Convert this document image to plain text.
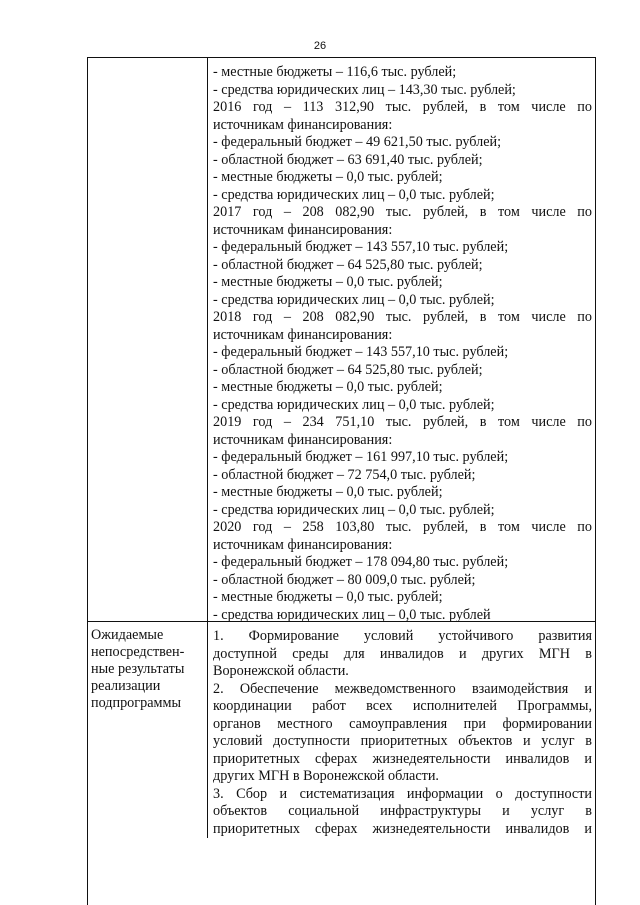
26
- местные бюджеты – 116,6 тыс. рублей;
- средства юридических лиц – 143,30 тыс. рублей;
2016 год – 113 312,90 тыс. рублей, в том числе по
источникам финансирования:
- федеральный бюджет – 49 621,50 тыс. рублей;
- областной бюджет – 63 691,40 тыс. рублей;
- местные бюджеты – 0,0 тыс. рублей;
- средства юридических лиц – 0,0 тыс. рублей;
2017 год – 208 082,90 тыс. рублей, в том числе по
источникам финансирования:
- федеральный бюджет – 143 557,10 тыс. рублей;
- областной бюджет – 64 525,80 тыс. рублей;
- местные бюджеты – 0,0 тыс. рублей;
- средства юридических лиц – 0,0 тыс. рублей;
2018 год – 208 082,90 тыс. рублей, в том числе по
источникам финансирования:
- федеральный бюджет – 143 557,10 тыс. рублей;
- областной бюджет – 64 525,80 тыс. рублей;
- местные бюджеты – 0,0 тыс. рублей;
- средства юридических лиц – 0,0 тыс. рублей;
2019 год – 234 751,10 тыс. рублей, в том числе по
источникам финансирования:
- федеральный бюджет – 161 997,10 тыс. рублей;
- областной бюджет – 72 754,0 тыс. рублей;
- местные бюджеты – 0,0 тыс. рублей;
- средства юридических лиц – 0,0 тыс. рублей;
2020 год – 258 103,80 тыс. рублей, в том числе по
источникам финансирования:
- федеральный бюджет – 178 094,80 тыс. рублей;
- областной бюджет – 80 009,0 тыс. рублей;
- местные бюджеты – 0,0 тыс. рублей;
- средства юридических лиц – 0,0 тыс. рублей
Ожидаемые
непосредствен-
ные результаты
реализации
подпрограммы
1. Формирование условий устойчивого развития
доступной среды для инвалидов и других МГН в
Воронежской области.
2. Обеспечение межведомственного взаимодействия и
координации работ всех исполнителей Программы,
органов местного самоуправления при формировании
условий доступности приоритетных объектов и услуг в
приоритетных сферах жизнедеятельности инвалидов и
других МГН в Воронежской области.
3. Сбор и систематизация информации о доступности
объектов социальной инфраструктуры и услуг в
приоритетных сферах жизнедеятельности инвалидов и
